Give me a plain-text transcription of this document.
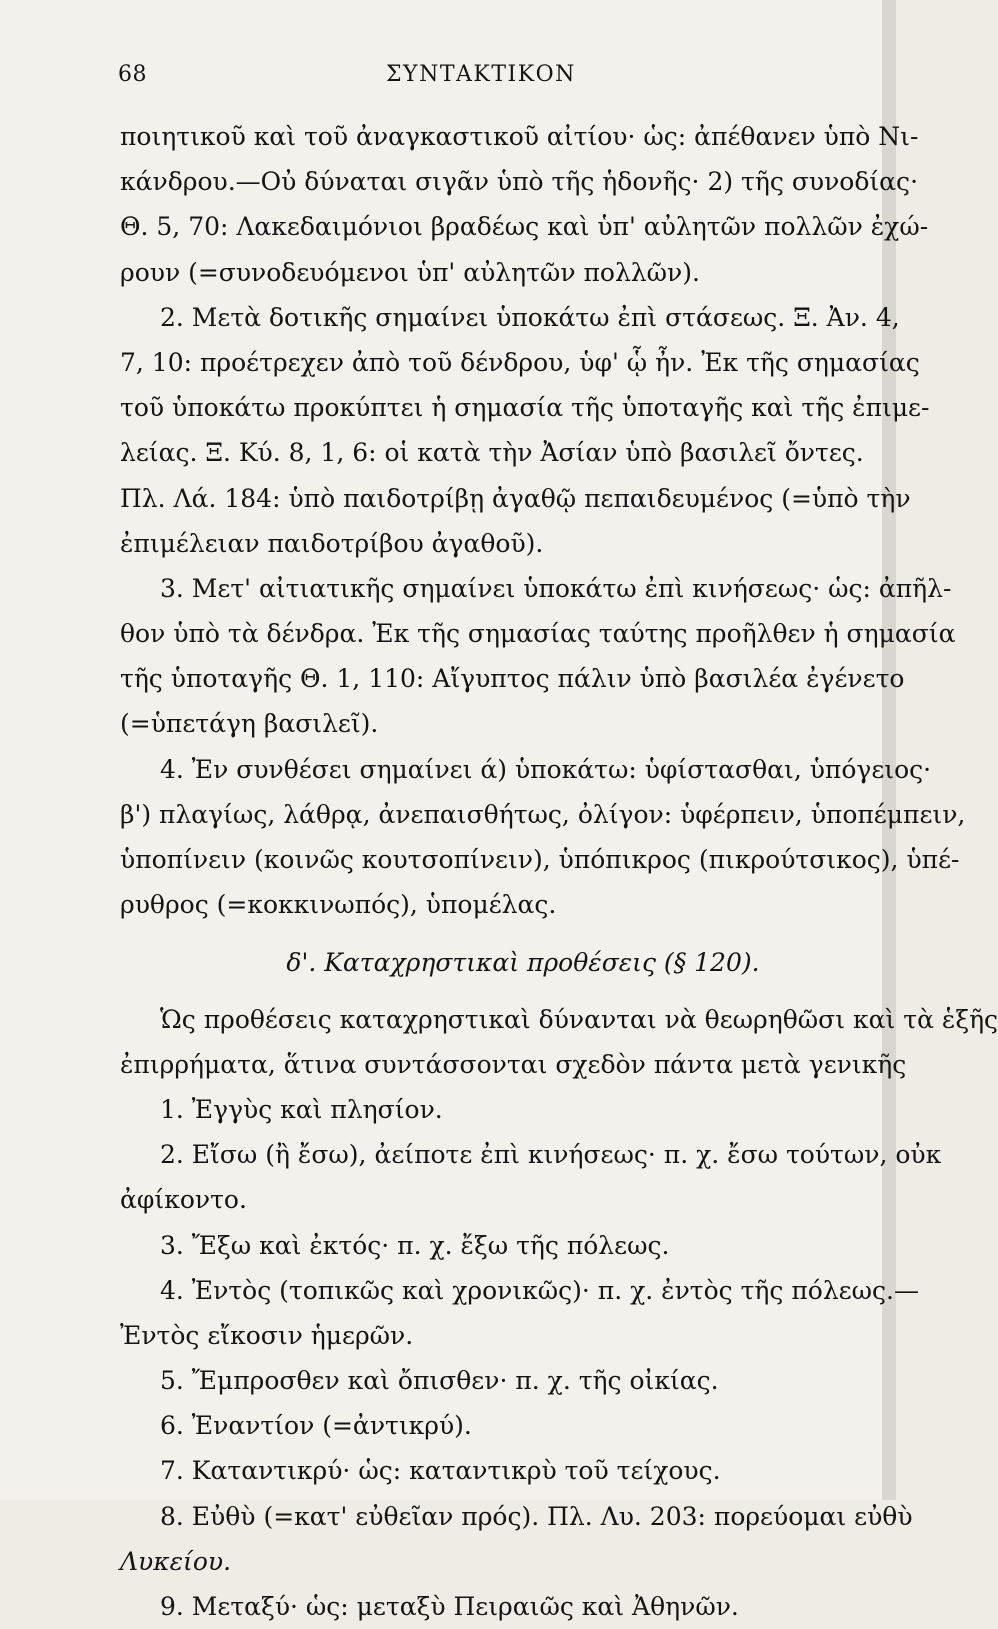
68	ΣΥΝΤΑΚΤΙΚΟΝ
ποιητικοῦ καὶ τοῦ ἀναγκαστικοῦ αἰτίου· ὡς: ἀπέθανεν ὑπὸ Νι-
κάνδρου.—Οὐ δύναται σιγᾶν ὑπὸ τῆς ἡδονῆς· 2) τῆς συνοδίας·
Θ. 5, 70: Λακεδαιμόνιοι βραδέως καὶ ὑπ' αὐλητῶν πολλῶν ἐχώ-
ρουν (=συνοδευόμενοι ὑπ' αὐλητῶν πολλῶν).
2. Μετὰ δοτικῆς σημαίνει ὑποκάτω ἐπὶ στάσεως. Ξ. Ἀν. 4,
7, 10: προέτρεχεν ἀπὸ τοῦ δένδρου, ὑφ' ᾧ ἦν. Ἐκ τῆς σημασίας
τοῦ ὑποκάτω προκύπτει ἡ σημασία τῆς ὑποταγῆς καὶ τῆς ἐπιμε-
λείας. Ξ. Κύ. 8, 1, 6: οἱ κατὰ τὴν Ἀσίαν ὑπὸ βασιλεῖ ὄντες.
Πλ. Λά. 184: ὑπὸ παιδοτρίβῃ ἀγαθῷ πεπαιδευμένος (=ὑπὸ τὴν
ἐπιμέλειαν παιδοτρίβου ἀγαθοῦ).
3. Μετ' αἰτιατικῆς σημαίνει ὑποκάτω ἐπὶ κινήσεως· ὡς: ἀπῆλ-
θον ὑπὸ τὰ δένδρα. Ἐκ τῆς σημασίας ταύτης προῆλθεν ἡ σημασία
τῆς ὑποταγῆς Θ. 1, 110: Αἴγυπτος πάλιν ὑπὸ βασιλέα ἐγένετο
(=ὑπετάγη βασιλεῖ).
4. Ἐν συνθέσει σημαίνει ά) ὑποκάτω: ὑφίστασθαι, ὑπόγειος·
β') πλαγίως, λάθρᾳ, ἀνεπαισθήτως, ὀλίγον: ὑφέρπειν, ὑποπέμπειν,
ὑποπίνειν (κοινῶς κουτσοπίνειν), ὑπόπικρος (πικρούτσικος), ὑπέ-
ρυθρος (=κοκκινωπός), ὑπομέλας.
δ'. Καταχρηστικαὶ προθέσεις (§ 120).
Ὡς προθέσεις καταχρηστικαὶ δύνανται νὰ θεωρηθῶσι καὶ τὰ ἑξῆς
ἐπιρρήματα, ἅτινα συντάσσονται σχεδὸν πάντα μετὰ γενικῆς
1. Ἐγγὺς καὶ πλησίον.
2. Εἴσω (ἢ ἔσω), ἀείποτε ἐπὶ κινήσεως· π. χ. ἔσω τούτων, οὐκ
ἀφίκοντο.
3. Ἔξω καὶ ἐκτός· π. χ. ἔξω τῆς πόλεως.
4. Ἐντὸς (τοπικῶς καὶ χρονικῶς)· π. χ. ἐντὸς τῆς πόλεως.—
Ἐντὸς εἴκοσιν ἡμερῶν.
5. Ἔμπροσθεν καὶ ὄπισθεν· π. χ. τῆς οἰκίας.
6. Ἐναντίον (=ἀντικρύ).
7. Καταντικρύ· ὡς: καταντικρὺ τοῦ τείχους.
8. Εὐθὺ (=κατ' εὐθεῖαν πρός). Πλ. Λυ. 203: πορεύομαι εὐθὺ
Λυκείου.
9. Μεταξύ· ὡς: μεταξὺ Πειραιῶς καὶ Ἀθηνῶν.
